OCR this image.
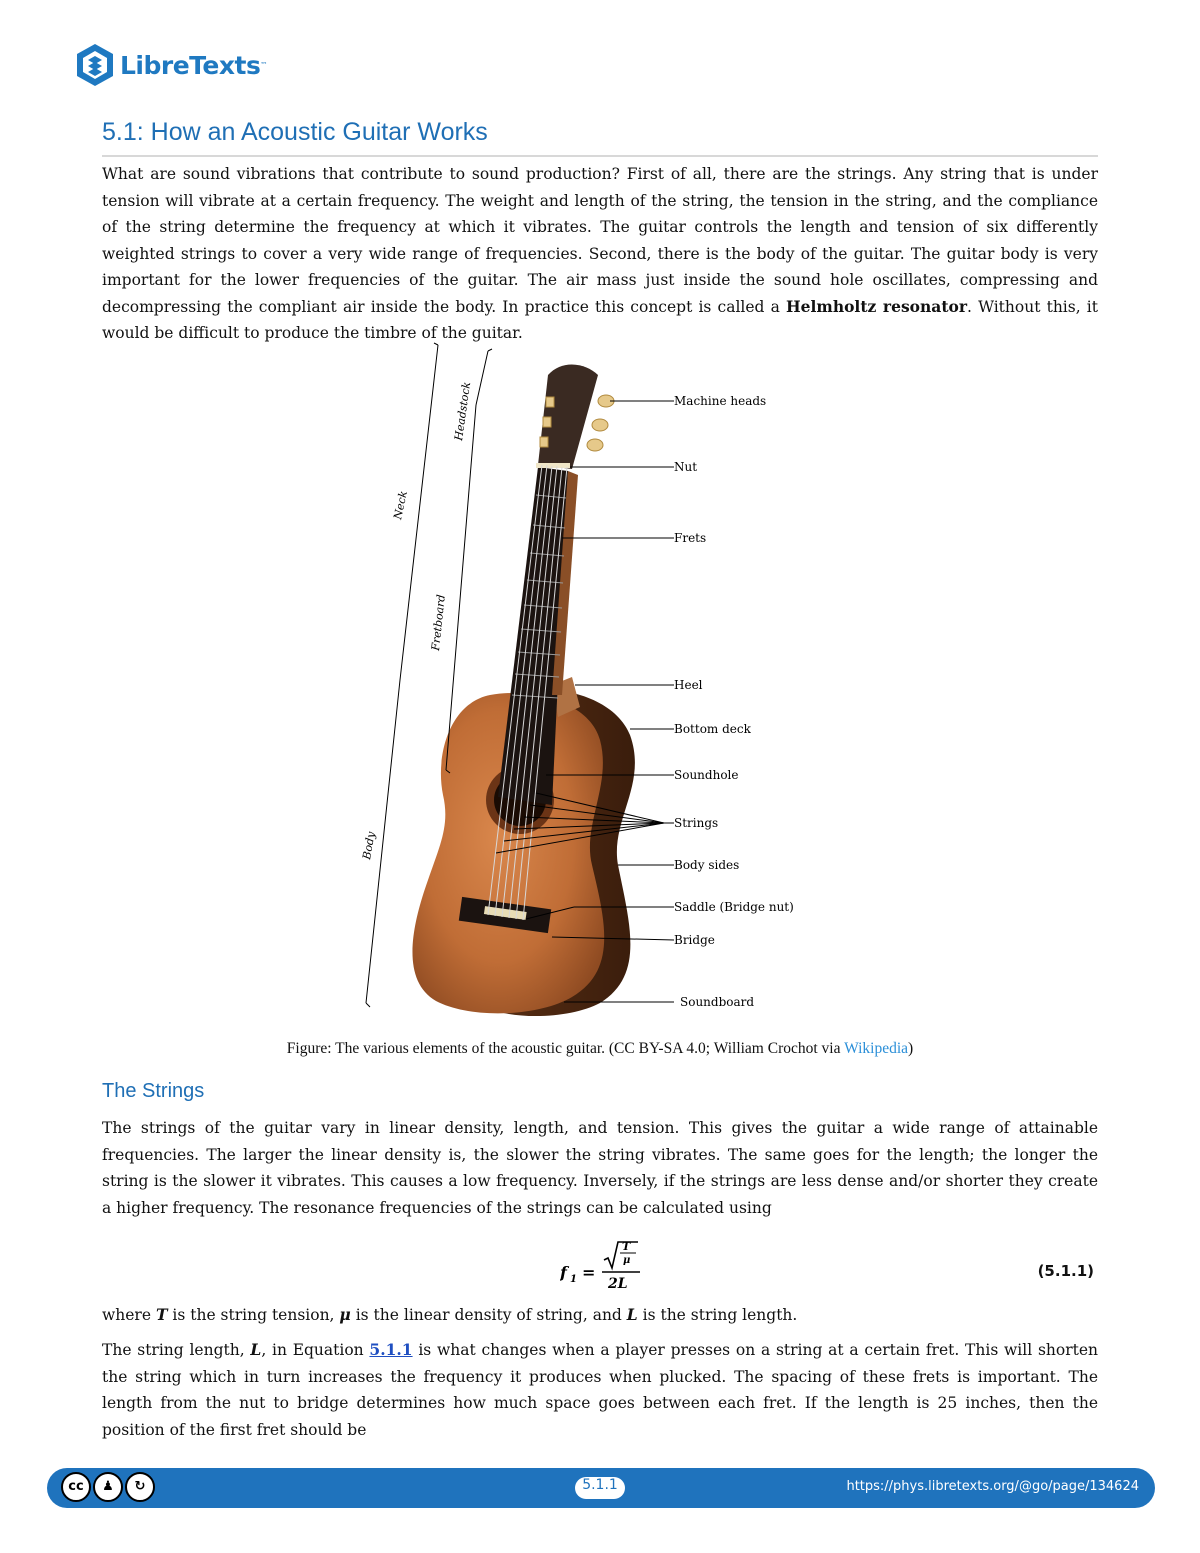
LibreTexts ™
5.1: How an Acoustic Guitar Works

What are sound vibrations that contribute to sound production? First of all, there are the strings. Any string that is under tension will vibrate at a certain frequency. The weight and length of the string, the tension in the string, and the compliance of the string determine the frequency at which it vibrates. The guitar controls the length and tension of six differently weighted strings to cover a very wide range of frequencies. Second, there is the body of the guitar. The guitar body is very important for the lower frequencies of the guitar. The air mass just inside the sound hole oscillates, compressing and decompressing the compliant air inside the body. In practice this concept is called a Helmholtz resonator. Without this, it would be difficult to produce the timbre of the guitar.

Machine heads
Nut
Frets
Heel
Bottom deck
Soundhole
Strings
Body sides
Saddle (Bridge nut)
Bridge
Soundboard
Neck
Headstock
Fretboard
Body
Figure: The various elements of the acoustic guitar. (CC BY-SA 4.0; William Crochot via Wikipedia)
The Strings

The strings of the guitar vary in linear density, length, and tension. This gives the guitar a wide range of attainable frequencies. The larger the linear density is, the slower the string vibrates. The same goes for the length; the longer the string is the slower it vibrates. This causes a low frequency. Inversely, if the strings are less dense and/or shorter they create a higher frequency. The resonance frequencies of the strings can be calculated using

f 1 =
T
μ
2L
(5.1.1)

where T is the string tension, μ is the linear density of string, and L is the string length.

The string length, L, in Equation 5.1.1 is what changes when a player presses on a string at a certain fret. This will shorten the string which in turn increases the frequency it produces when plucked. The spacing of these frets is important. The length from the nut to bridge determines how much space goes between each fret. If the length is 25 inches, then the position of the first fret should be

cc	♟	↻	5.1.1	https://phys.libretexts.org/@go/page/134624
